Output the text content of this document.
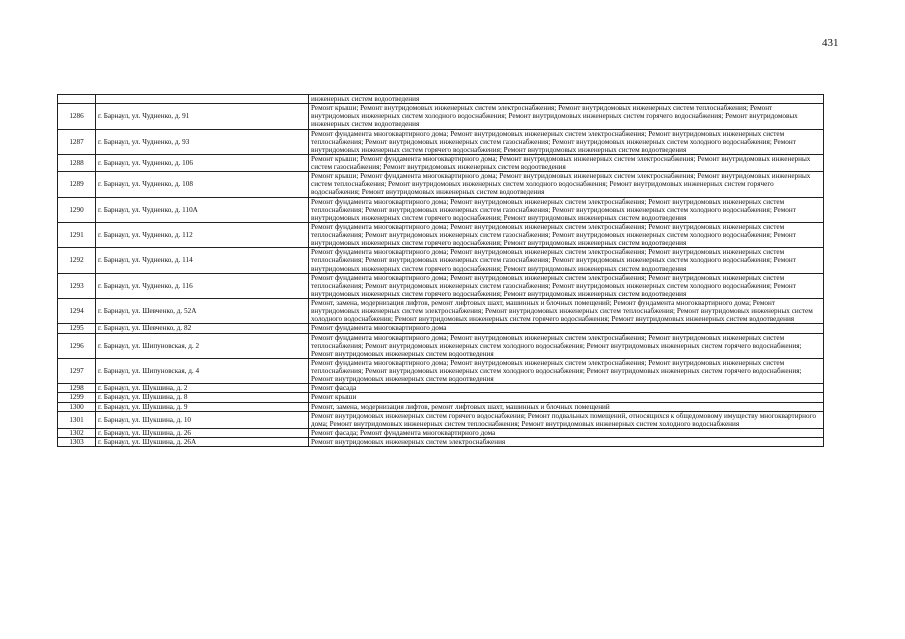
431
		инженерных систем водоотведения
1286	г. Барнаул, ул. Чудненко, д. 91	Ремонт крыши; Ремонт внутридомовых инженерных систем электроснабжения; Ремонт внутридомовых инженерных систем теплоснабжения; Ремонт внутридомовых инженерных систем холодного водоснабжения; Ремонт внутридомовых инженерных систем горячего водоснабжения; Ремонт внутридомовых инженерных систем водоотведения
1287	г. Барнаул, ул. Чудненко, д. 93	Ремонт фундамента многоквартирного дома; Ремонт внутридомовых инженерных систем электроснабжения; Ремонт внутридомовых инженерных систем теплоснабжения; Ремонт внутридомовых инженерных систем газоснабжения; Ремонт внутридомовых инженерных систем холодного водоснабжения; Ремонт внутридомовых инженерных систем горячего водоснабжения; Ремонт внутридомовых инженерных систем водоотведения
1288	г. Барнаул, ул. Чудненко, д. 106	Ремонт крыши; Ремонт фундамента многоквартирного дома; Ремонт внутридомовых инженерных систем электроснабжения; Ремонт внутридомовых инженерных систем газоснабжения; Ремонт внутридомовых инженерных систем водоотведения
1289	г. Барнаул, ул. Чудненко, д. 108	Ремонт крыши; Ремонт фундамента многоквартирного дома; Ремонт внутридомовых инженерных систем электроснабжения; Ремонт внутридомовых инженерных систем теплоснабжения; Ремонт внутридомовых инженерных систем холодного водоснабжения; Ремонт внутридомовых инженерных систем горячего водоснабжения; Ремонт внутридомовых инженерных систем водоотведения
1290	г. Барнаул, ул. Чудненко, д. 110А	Ремонт фундамента многоквартирного дома; Ремонт внутридомовых инженерных систем электроснабжения; Ремонт внутридомовых инженерных систем теплоснабжения; Ремонт внутридомовых инженерных систем газоснабжения; Ремонт внутридомовых инженерных систем холодного водоснабжения; Ремонт внутридомовых инженерных систем горячего водоснабжения; Ремонт внутридомовых инженерных систем водоотведения
1291	г. Барнаул, ул. Чудненко, д. 112	Ремонт фундамента многоквартирного дома; Ремонт внутридомовых инженерных систем электроснабжения; Ремонт внутридомовых инженерных систем теплоснабжения; Ремонт внутридомовых инженерных систем газоснабжения; Ремонт внутридомовых инженерных систем холодного водоснабжения; Ремонт внутридомовых инженерных систем горячего водоснабжения; Ремонт внутридомовых инженерных систем водоотведения
1292	г. Барнаул, ул. Чудненко, д. 114	Ремонт фундамента многоквартирного дома; Ремонт внутридомовых инженерных систем электроснабжения; Ремонт внутридомовых инженерных систем теплоснабжения; Ремонт внутридомовых инженерных систем газоснабжения; Ремонт внутридомовых инженерных систем холодного водоснабжения; Ремонт внутридомовых инженерных систем горячего водоснабжения; Ремонт внутридомовых инженерных систем водоотведения
1293	г. Барнаул, ул. Чудненко, д. 116	Ремонт фундамента многоквартирного дома; Ремонт внутридомовых инженерных систем электроснабжения; Ремонт внутридомовых инженерных систем теплоснабжения; Ремонт внутридомовых инженерных систем газоснабжения; Ремонт внутридомовых инженерных систем холодного водоснабжения; Ремонт внутридомовых инженерных систем горячего водоснабжения; Ремонт внутридомовых инженерных систем водоотведения
1294	г. Барнаул, ул. Шевченко, д. 52А	Ремонт, замена, модернизация лифтов, ремонт лифтовых шахт, машинных и блочных помещений; Ремонт фундамента многоквартирного дома; Ремонт внутридомовых инженерных систем электроснабжения; Ремонт внутридомовых инженерных систем теплоснабжения; Ремонт внутридомовых инженерных систем холодного водоснабжения; Ремонт внутридомовых инженерных систем горячего водоснабжения; Ремонт внутридомовых инженерных систем водоотведения
1295	г. Барнаул, ул. Шевченко, д. 82	Ремонт фундамента многоквартирного дома
1296	г. Барнаул, ул. Шипуновская, д. 2	Ремонт фундамента многоквартирного дома; Ремонт внутридомовых инженерных систем электроснабжения; Ремонт внутридомовых инженерных систем теплоснабжения; Ремонт внутридомовых инженерных систем холодного водоснабжения; Ремонт внутридомовых инженерных систем горячего водоснабжения; Ремонт внутридомовых инженерных систем водоотведения
1297	г. Барнаул, ул. Шипуновская, д. 4	Ремонт фундамента многоквартирного дома; Ремонт внутридомовых инженерных систем электроснабжения; Ремонт внутридомовых инженерных систем теплоснабжения; Ремонт внутридомовых инженерных систем холодного водоснабжения; Ремонт внутридомовых инженерных систем горячего водоснабжения; Ремонт внутридомовых инженерных систем водоотведения
1298	г. Барнаул, ул. Шукшина, д. 2	Ремонт фасада
1299	г. Барнаул, ул. Шукшина, д. 8	Ремонт крыши
1300	г. Барнаул, ул. Шукшина, д. 9	Ремонт, замена, модернизация лифтов, ремонт лифтовых шахт, машинных и блочных помещений
1301	г. Барнаул, ул. Шукшина, д. 10	Ремонт внутридомовых инженерных систем горячего водоснабжения; Ремонт подвальных помещений, относящихся к общедомовому имуществу многоквартирного дома; Ремонт внутридомовых инженерных систем теплоснабжения; Ремонт внутридомовых инженерных систем холодного водоснабжения
1302	г. Барнаул, ул. Шукшина, д. 26	Ремонт фасада; Ремонт фундамента многоквартирного дома
1303	г. Барнаул, ул. Шукшина, д. 26А	Ремонт внутридомовых инженерных систем электроснабжения
